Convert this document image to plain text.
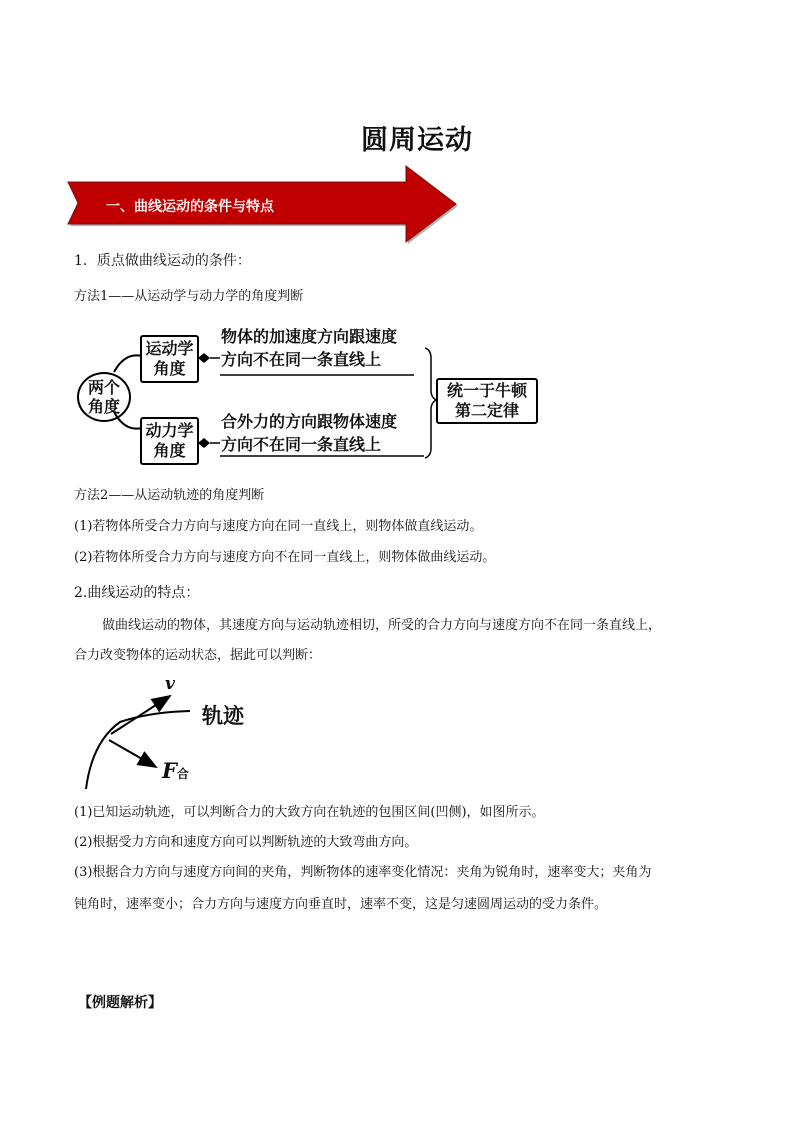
圆周运动
一、曲线运动的条件与特点
1．质点做曲线运动的条件：
方法1——从运动学与动力学的角度判断
两个
角度
运动学
角度
动力学
角度
物体的加速度方向跟速度
方向不在同一条直线上
合外力的方向跟物体速度
方向不在同一条直线上
统一于牛顿
第二定律
方法2——从运动轨迹的角度判断
(1)若物体所受合力方向与速度方向在同一直线上，则物体做直线运动。
(2)若物体所受合力方向与速度方向不在同一直线上，则物体做曲线运动。
2.曲线运动的特点：
做曲线运动的物体，其速度方向与运动轨迹相切，所受的合力方向与速度方向不在同一条直线上，
合力改变物体的运动状态，据此可以判断：
v
轨迹
F合
(1)已知运动轨迹，可以判断合力的大致方向在轨迹的包围区间(凹侧)，如图所示。
(2)根据受力方向和速度方向可以判断轨迹的大致弯曲方向。
(3)根据合力方向与速度方向间的夹角，判断物体的速率变化情况：夹角为锐角时，速率变大；夹角为
钝角时，速率变小；合力方向与速度方向垂直时，速率不变，这是匀速圆周运动的受力条件。
【例题解析】
